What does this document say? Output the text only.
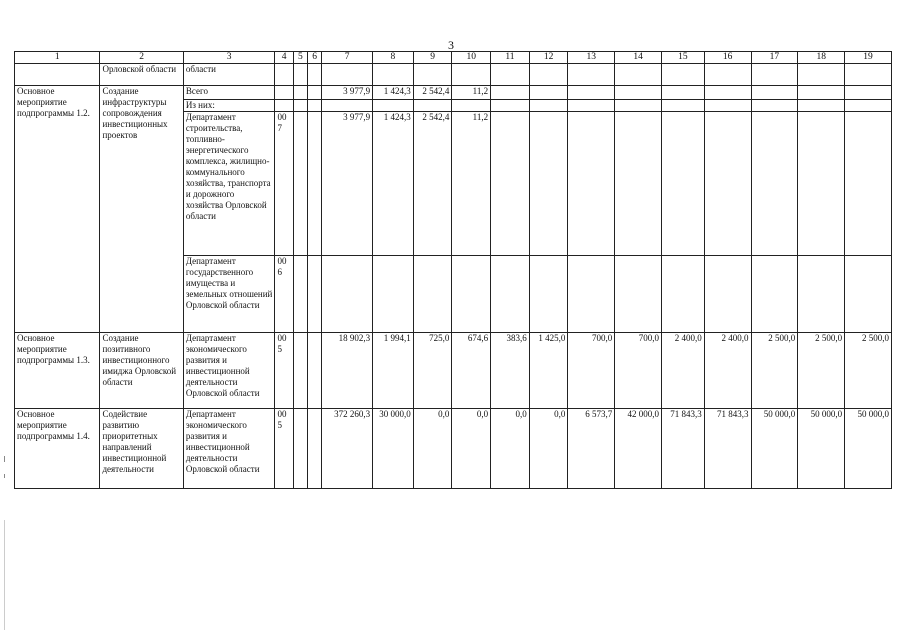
3
1	2	3	4	5	6	7	8	9	10	11	12	13	14	15	16	17	18	19
	Орловской области	области																
Основное мероприятие подпрограммы 1.2.	Создание инфраструктуры сопровождения инвестиционных проектов	Всего				3 977,9	1 424,3	2 542,4	11,2									
		Из них:																
		Департамент строительства, топливно-энергетического комплекса, жилищно-коммунального хозяйства, транспорта и дорожного хозяйства Орловской области	007			3 977,9	1 424,3	2 542,4	11,2									
		Департамент государственного имущества и земельных отношений Орловской области	006															
Основное мероприятие подпрограммы 1.3.	Создание позитивного инвестиционного имиджа Орловской области	Департамент экономического развития и инвестиционной деятельности Орловской области	005			18 902,3	1 994,1	725,0	674,6	383,6	1 425,0	700,0	700,0	2 400,0	2 400,0	2 500,0	2 500,0	2 500,0
Основное мероприятие подпрограммы 1.4.	Содействие развитию приоритетных направлений инвестиционной деятельности	Департамент экономического развития и инвестиционной деятельности Орловской области	005			372 260,3	30 000,0	0,0	0,0	0,0	0,0	6 573,7	42 000,0	71 843,3	71 843,3	50 000,0	50 000,0	50 000,0
